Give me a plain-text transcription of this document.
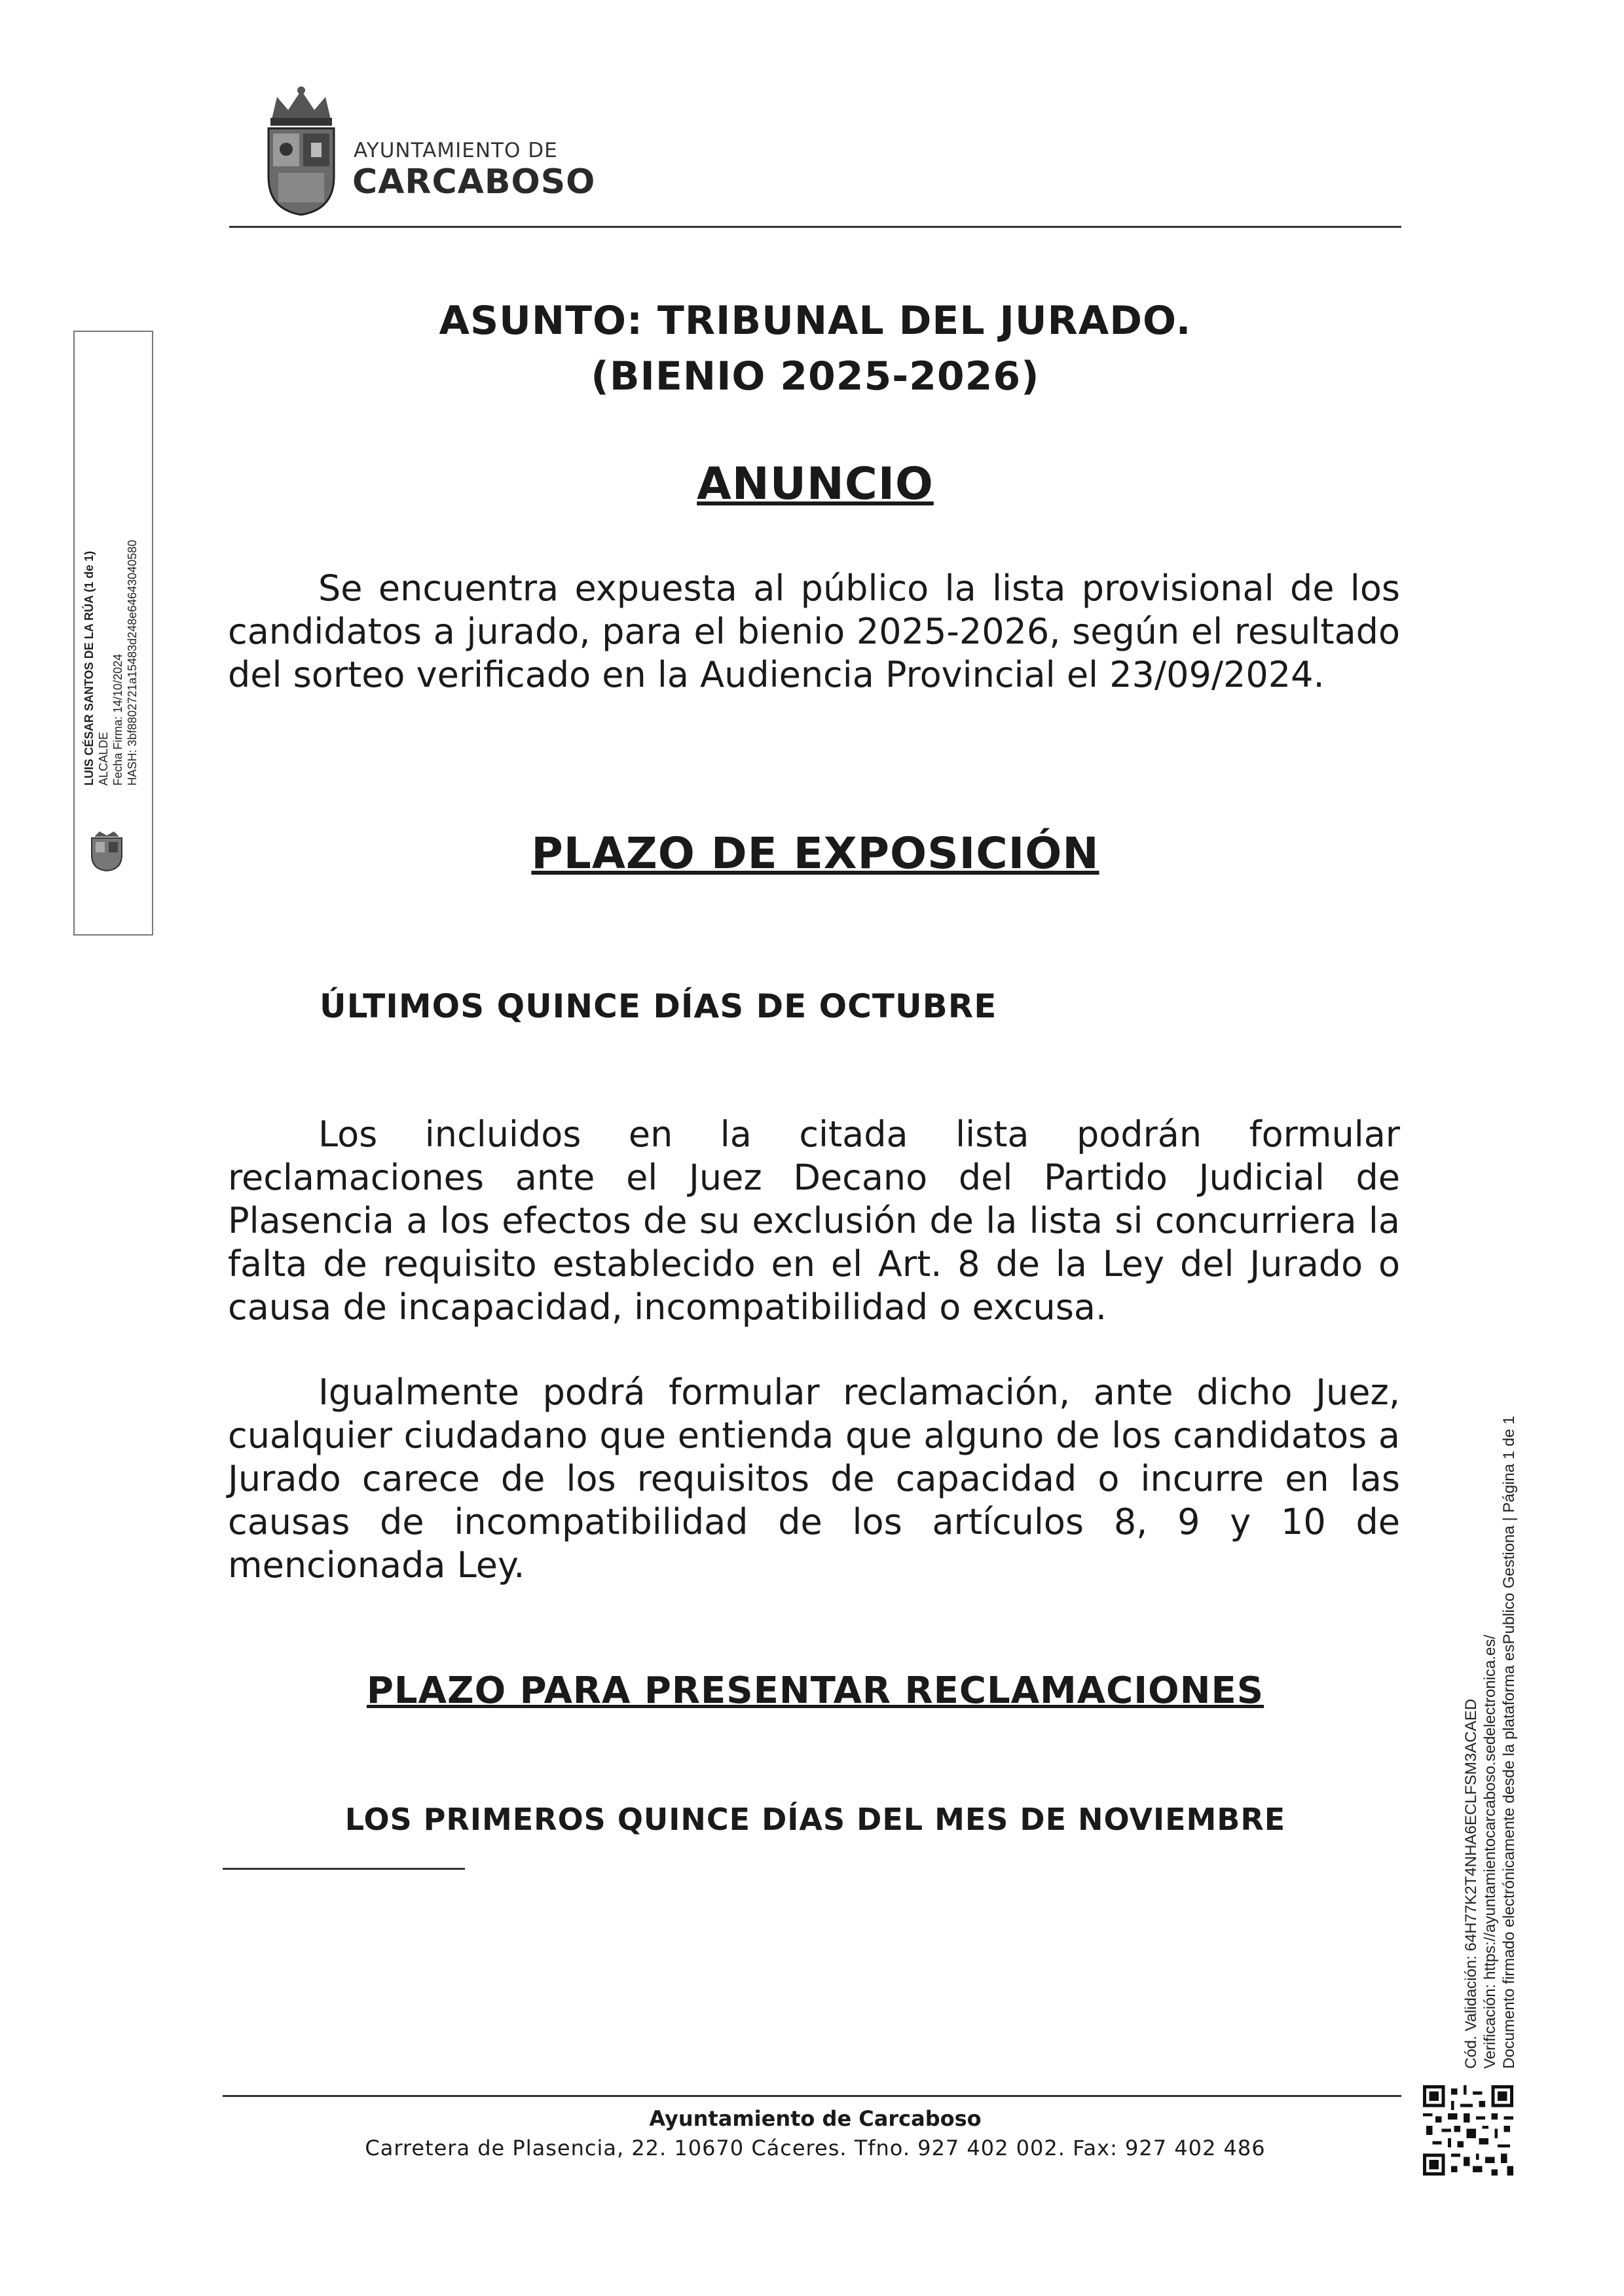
AYUNTAMIENTO DE
CARCABOSO
ASUNTO: TRIBUNAL DEL JURADO.
(BIENIO 2025-2026)
ANUNCIO
Se encuentra expuesta al público la lista provisional de los candidatos a jurado, para el bienio 2025-2026, según el resultado del sorteo verificado en la Audiencia Provincial el 23/09/2024.
PLAZO DE EXPOSICIÓN
ÚLTIMOS QUINCE DÍAS DE OCTUBRE
Los incluidos en la citada lista podrán formular reclamaciones ante el Juez Decano del Partido Judicial de Plasencia a los efectos de su exclusión de la lista si concurriera la falta de requisito establecido en el Art. 8 de la Ley del Jurado o causa de incapacidad, incompatibilidad o excusa.
Igualmente podrá formular reclamación, ante dicho Juez, cualquier ciudadano que entienda que alguno de los candidatos a Jurado carece de los requisitos de capacidad o incurre en las causas de incompatibilidad de los artículos 8, 9 y 10 de mencionada Ley.
PLAZO PARA PRESENTAR RECLAMACIONES
LOS PRIMEROS QUINCE DÍAS DEL MES DE NOVIEMBRE
Ayuntamiento de Carcaboso
Carretera de Plasencia, 22. 10670 Cáceres. Tfno. 927 402 002. Fax: 927 402 486
LUIS CÉSAR SANTOS DE LA RÚA (1 de 1) ALCALDE Fecha Firma: 14/10/2024 HASH: 3bf8802721a15483d248e6464304058​0
Cód. Validación: 64H77K2T4NHA6ECLFSM3ACAED Verificación: https://ayuntamientocarcaboso.sedelectronica.es/ Documento firmado electrónicamente desde la plataforma esPublico Gestiona | Página 1 de 1
